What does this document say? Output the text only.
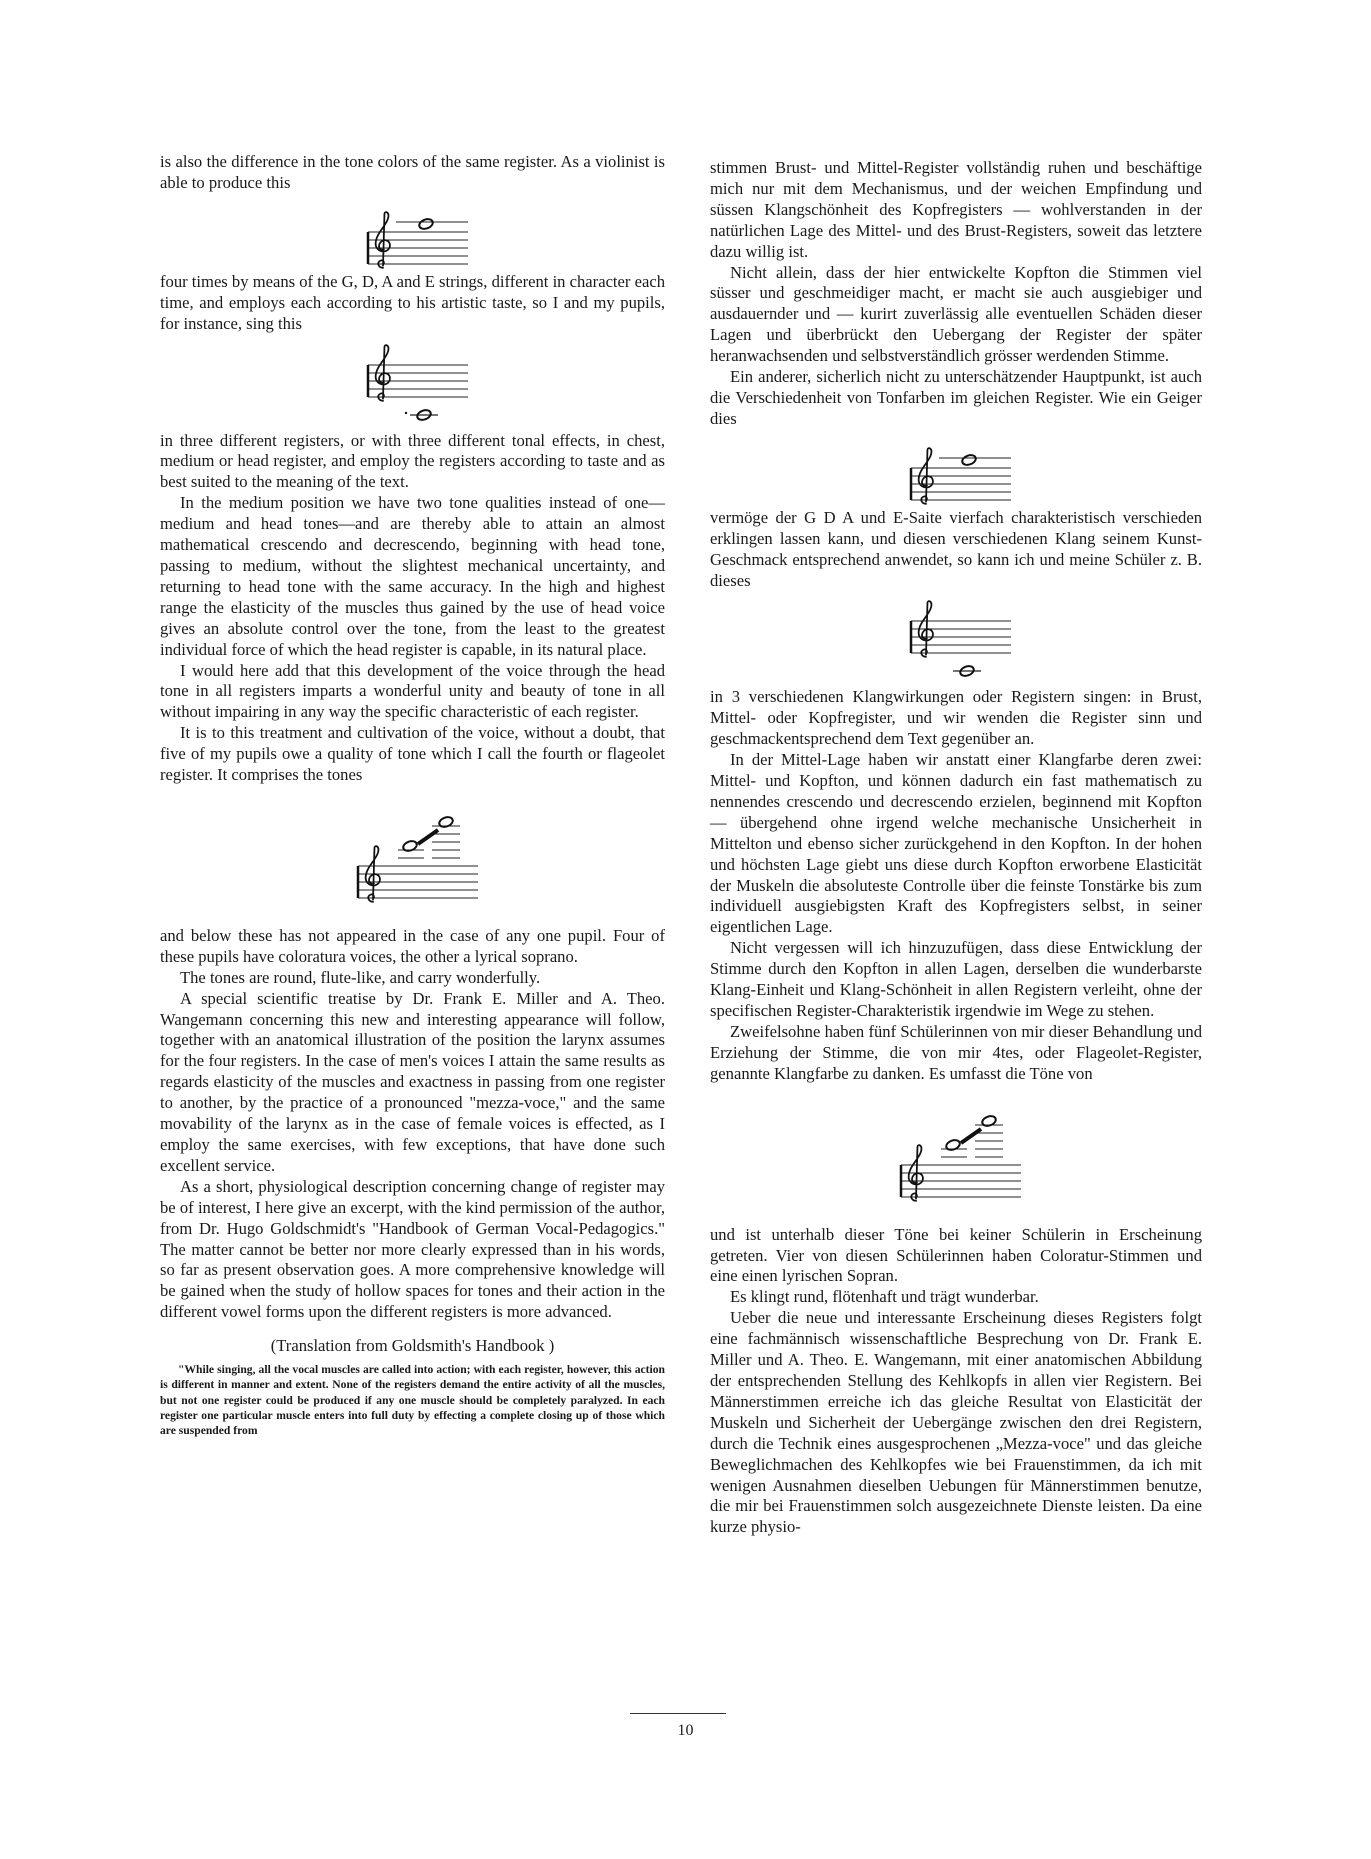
is also the difference in the tone colors of the same register. As a violinist is able to produce this

four times by means of the G, D, A and E strings, different in character each time, and employs each according to his artistic taste, so I and my pupils, for instance, sing this

in three different registers, or with three different tonal effects, in chest, medium or head register, and employ the registers according to taste and as best suited to the meaning of the text.

In the medium position we have two tone qualities instead of one—medium and head tones—and are thereby able to attain an almost mathematical crescendo and decrescendo, beginning with head tone, passing to medium, without the slightest mechanical uncertainty, and returning to head tone with the same accuracy. In the high and highest range the elasticity of the muscles thus gained by the use of head voice gives an absolute control over the tone, from the least to the greatest individual force of which the head register is capable, in its natural place.

I would here add that this development of the voice through the head tone in all registers imparts a wonderful unity and beauty of tone in all without impairing in any way the specific characteristic of each register.

It is to this treatment and cultivation of the voice, without a doubt, that five of my pupils owe a quality of tone which I call the fourth or flageolet register. It comprises the tones

and below these has not appeared in the case of any one pupil. Four of these pupils have coloratura voices, the other a lyrical soprano.

The tones are round, flute-like, and carry wonderfully.

A special scientific treatise by Dr. Frank E. Miller and A. Theo. Wangemann concerning this new and interesting appearance will follow, together with an anatomical illustration of the position the larynx assumes for the four registers. In the case of men's voices I attain the same results as regards elasticity of the muscles and exactness in passing from one register to another, by the practice of a pronounced "mezza-voce," and the same movability of the larynx as in the case of female voices is effected, as I employ the same exercises, with few exceptions, that have done such excellent service.

As a short, physiological description concerning change of register may be of interest, I here give an excerpt, with the kind permission of the author, from Dr. Hugo Goldschmidt's "Handbook of German Vocal-Pedagogics." The matter cannot be better nor more clearly expressed than in his words, so far as present observation goes. A more comprehensive knowledge will be gained when the study of hollow spaces for tones and their action in the different vowel forms upon the different registers is more advanced.

(Translation from Goldsmith's Handbook )

"While singing, all the vocal muscles are called into action; with each register, however, this action is different in manner and extent. None of the registers demand the entire activity of all the muscles, but not one register could be produced if any one muscle should be completely paralyzed. In each register one particular muscle enters into full duty by effecting a complete closing up of those which are suspended from

stimmen Brust- und Mittel-Register vollständig ruhen und beschäftige mich nur mit dem Mechanismus, und der weichen Empfindung und süssen Klangschönheit des Kopfregisters — wohlverstanden in der natürlichen Lage des Mittel- und des Brust-Registers, soweit das letztere dazu willig ist.

Nicht allein, dass der hier entwickelte Kopfton die Stimmen viel süsser und geschmeidiger macht, er macht sie auch ausgiebiger und ausdauernder und — kurirt zuverlässig alle eventuellen Schäden dieser Lagen und überbrückt den Uebergang der Register der später heranwachsenden und selbstverständlich grösser werdenden Stimme.

Ein anderer, sicherlich nicht zu unterschätzender Hauptpunkt, ist auch die Verschiedenheit von Tonfarben im gleichen Register. Wie ein Geiger dies

vermöge der G D A und E-Saite vierfach charakteristisch verschieden erklingen lassen kann, und diesen verschiedenen Klang seinem Kunst-Geschmack entsprechend anwendet, so kann ich und meine Schüler z. B. dieses

in 3 verschiedenen Klangwirkungen oder Registern singen: in Brust, Mittel- oder Kopfregister, und wir wenden die Register sinn und geschmackentsprechend dem Text gegenüber an.

In der Mittel-Lage haben wir anstatt einer Klangfarbe deren zwei: Mittel- und Kopfton, und können dadurch ein fast mathematisch zu nennendes crescendo und decrescendo erzielen, beginnend mit Kopfton — übergehend ohne irgend welche mechanische Unsicherheit in Mittelton und ebenso sicher zurückgehend in den Kopfton. In der hohen und höchsten Lage giebt uns diese durch Kopfton erworbene Elasticität der Muskeln die absoluteste Controlle über die feinste Tonstärke bis zum individuell ausgiebigsten Kraft des Kopfregisters selbst, in seiner eigentlichen Lage.

Nicht vergessen will ich hinzuzufügen, dass diese Entwicklung der Stimme durch den Kopfton in allen Lagen, derselben die wunderbarste Klang-Einheit und Klang-Schönheit in allen Registern verleiht, ohne der specifischen Register-Charakteristik irgendwie im Wege zu stehen.

Zweifelsohne haben fünf Schülerinnen von mir dieser Behandlung und Erziehung der Stimme, die von mir 4tes, oder Flageolet-Register, genannte Klangfarbe zu danken. Es umfasst die Töne von

und ist unterhalb dieser Töne bei keiner Schülerin in Erscheinung getreten. Vier von diesen Schülerinnen haben Coloratur-Stimmen und eine einen lyrischen Sopran.

Es klingt rund, flötenhaft und trägt wunderbar.

Ueber die neue und interessante Erscheinung dieses Registers folgt eine fachmännisch wissenschaftliche Besprechung von Dr. Frank E. Miller und A. Theo. E. Wangemann, mit einer anatomischen Abbildung der entsprechenden Stellung des Kehlkopfs in allen vier Registern. Bei Männerstimmen erreiche ich das gleiche Resultat von Elasticität der Muskeln und Sicherheit der Uebergänge zwischen den drei Registern, durch die Technik eines ausgesprochenen „Mezza-voce" und das gleiche Beweglichmachen des Kehlkopfes wie bei Frauenstimmen, da ich mit wenigen Ausnahmen dieselben Uebungen für Männerstimmen benutze, die mir bei Frauenstimmen solch ausgezeichnete Dienste leisten. Da eine kurze physio-

10
